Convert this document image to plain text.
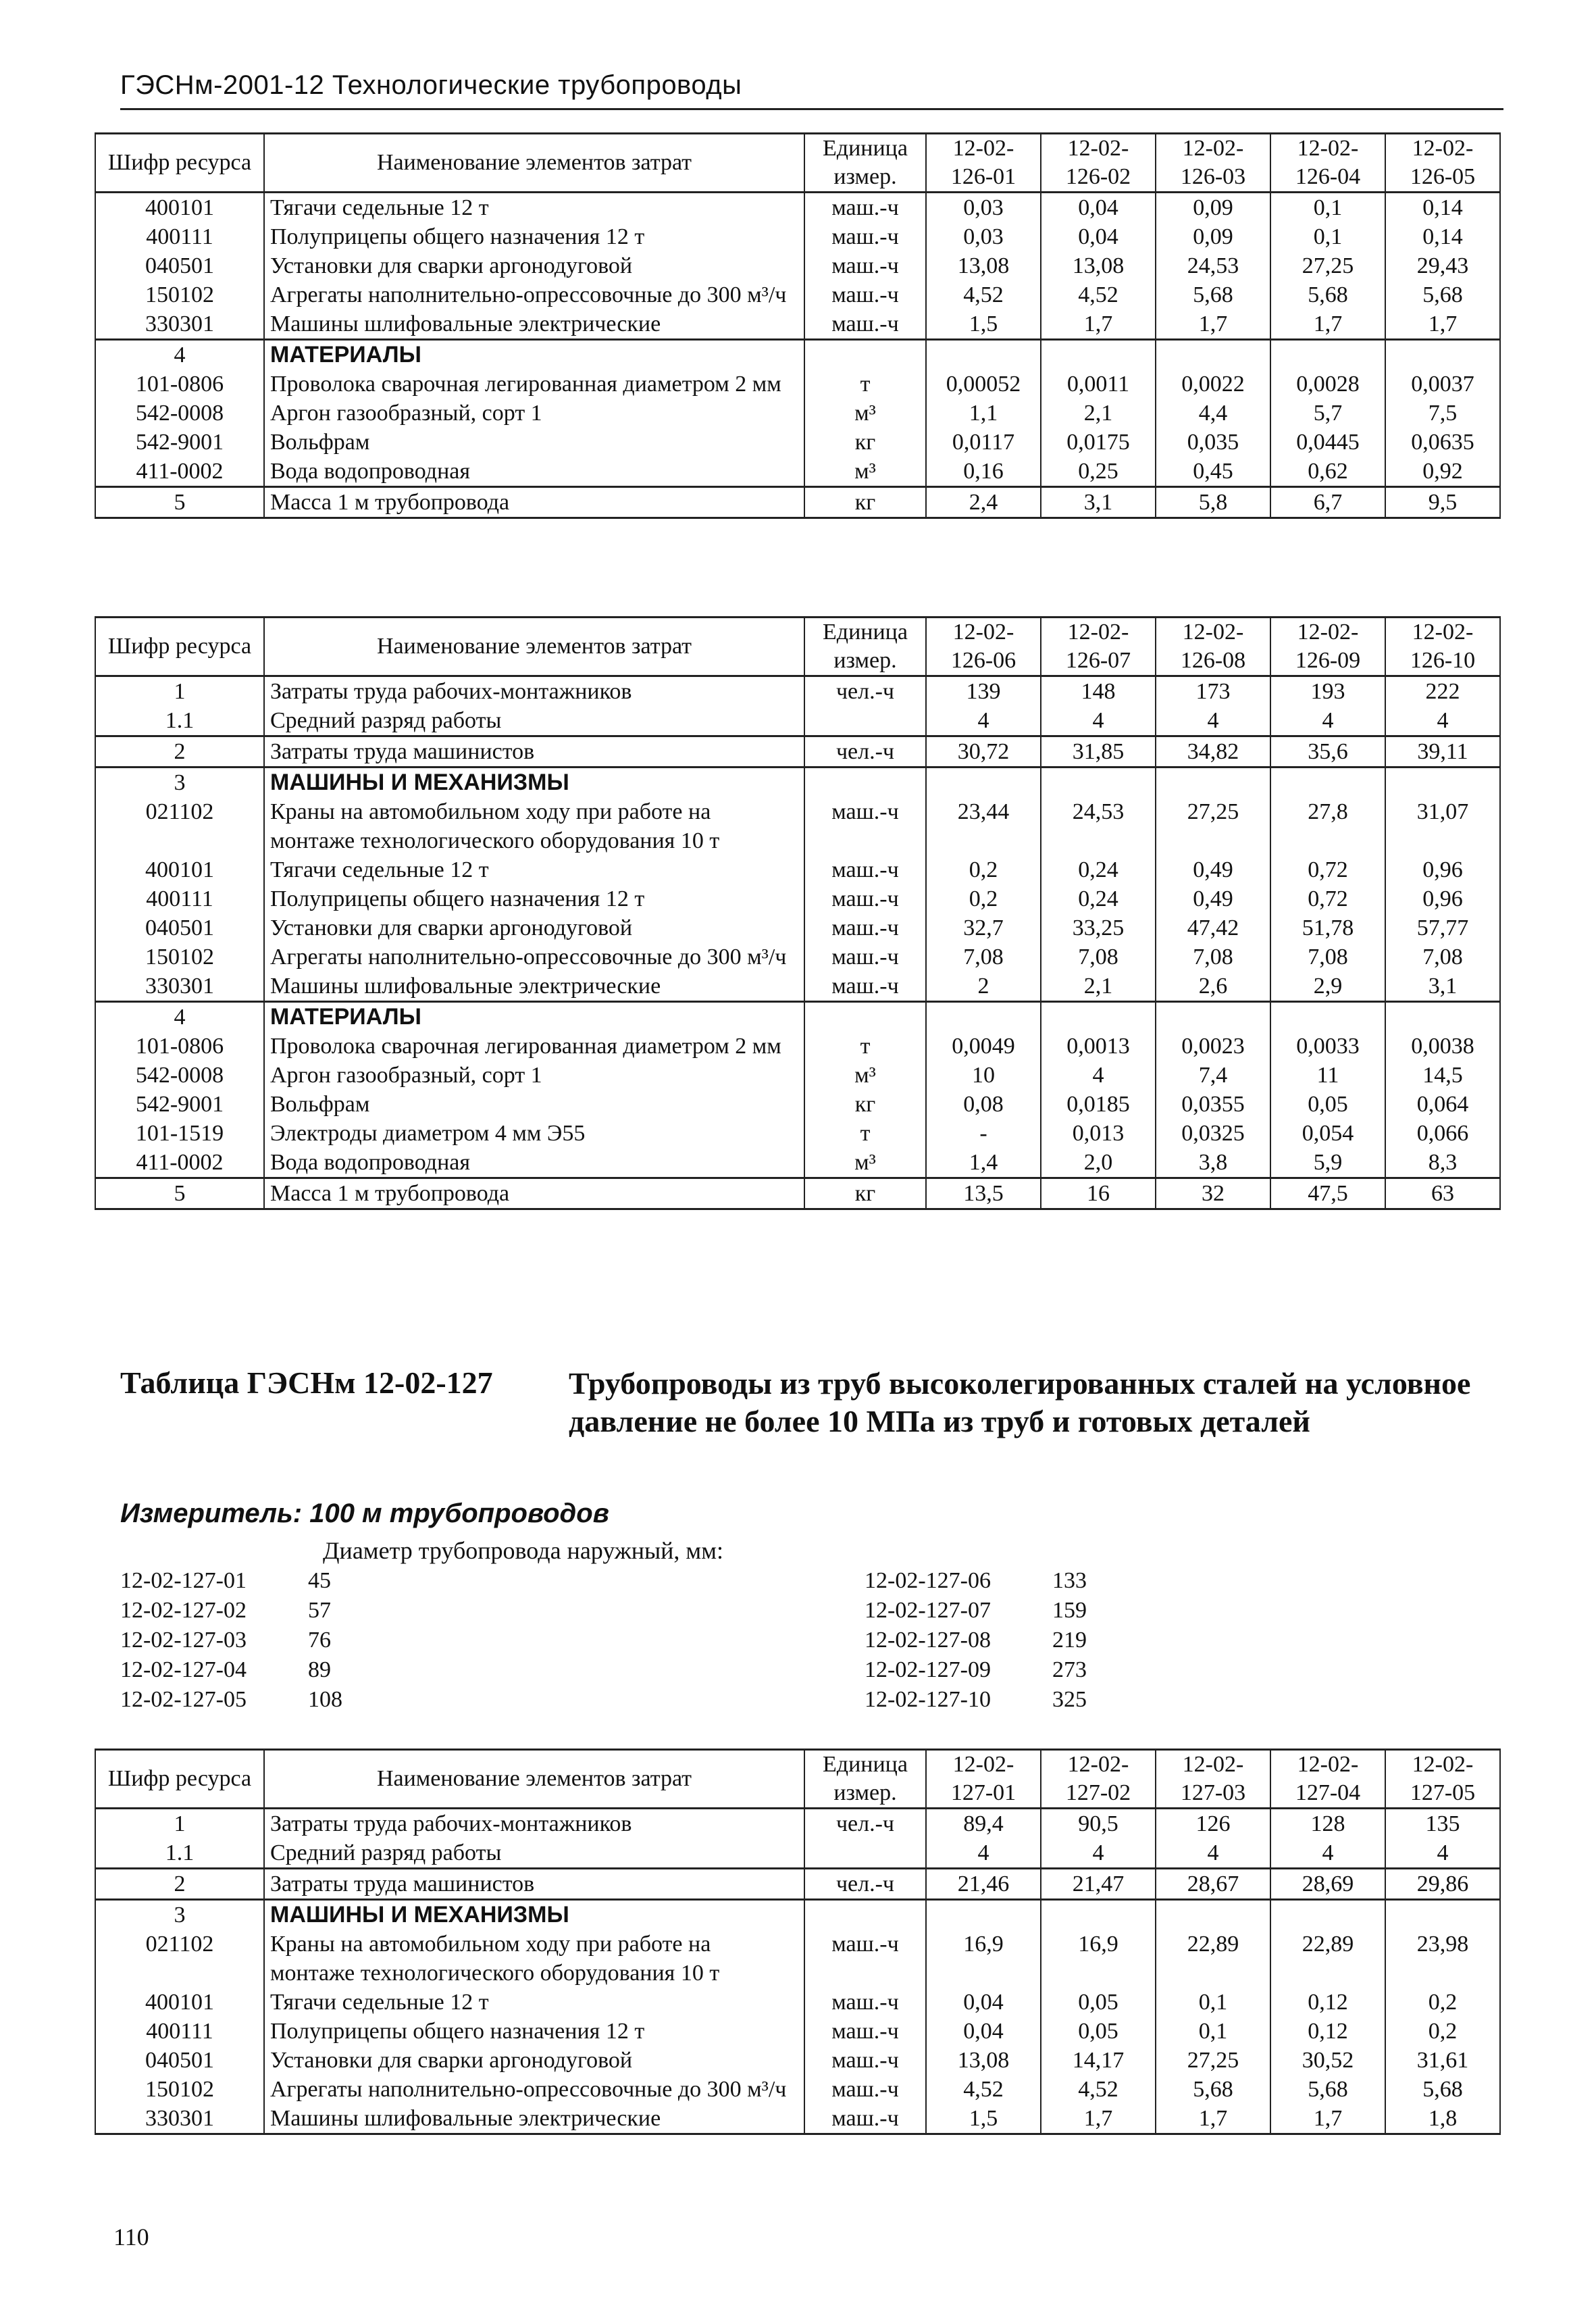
ГЭСНм-2001-12 Технологические трубопроводы
Шифр ресурса	Наименование элементов затрат	Единица измер.	12-02-126-01	12-02-126-02	12-02-126-03	12-02-126-04	12-02-126-05
400101	Тягачи седельные 12 т	маш.-ч	0,03	0,04	0,09	0,1	0,14
400111	Полуприцепы общего назначения 12 т	маш.-ч	0,03	0,04	0,09	0,1	0,14
040501	Установки для сварки аргонодуговой	маш.-ч	13,08	13,08	24,53	27,25	29,43
150102	Агрегаты наполнительно-опрессовочные до 300 м³/ч	маш.-ч	4,52	4,52	5,68	5,68	5,68
330301	Машины шлифовальные электрические	маш.-ч	1,5	1,7	1,7	1,7	1,7
4	МАТЕРИАЛЫ						
101-0806	Проволока сварочная легированная диаметром 2 мм	т	0,00052	0,0011	0,0022	0,0028	0,0037
542-0008	Аргон газообразный, сорт 1	м³	1,1	2,1	4,4	5,7	7,5
542-9001	Вольфрам	кг	0,0117	0,0175	0,035	0,0445	0,0635
411-0002	Вода водопроводная	м³	0,16	0,25	0,45	0,62	0,92
5	Масса 1 м трубопровода	кг	2,4	3,1	5,8	6,7	9,5
Шифр ресурса	Наименование элементов затрат	Единица измер.	12-02-126-06	12-02-126-07	12-02-126-08	12-02-126-09	12-02-126-10
1	Затраты труда рабочих-монтажников	чел.-ч	139	148	173	193	222
1.1	Средний разряд работы		4	4	4	4	4
2	Затраты труда машинистов	чел.-ч	30,72	31,85	34,82	35,6	39,11
3	МАШИНЫ И МЕХАНИЗМЫ						
021102	Краны на автомобильном ходу при работе на монтаже технологического оборудования 10 т	маш.-ч	23,44	24,53	27,25	27,8	31,07
400101	Тягачи седельные 12 т	маш.-ч	0,2	0,24	0,49	0,72	0,96
400111	Полуприцепы общего назначения 12 т	маш.-ч	0,2	0,24	0,49	0,72	0,96
040501	Установки для сварки аргонодуговой	маш.-ч	32,7	33,25	47,42	51,78	57,77
150102	Агрегаты наполнительно-опрессовочные до 300 м³/ч	маш.-ч	7,08	7,08	7,08	7,08	7,08
330301	Машины шлифовальные электрические	маш.-ч	2	2,1	2,6	2,9	3,1
4	МАТЕРИАЛЫ						
101-0806	Проволока сварочная легированная диаметром 2 мм	т	0,0049	0,0013	0,0023	0,0033	0,0038
542-0008	Аргон газообразный, сорт 1	м³	10	4	7,4	11	14,5
542-9001	Вольфрам	кг	0,08	0,0185	0,0355	0,05	0,064
101-1519	Электроды диаметром 4 мм Э55	т	-	0,013	0,0325	0,054	0,066
411-0002	Вода водопроводная	м³	1,4	2,0	3,8	5,9	8,3
5	Масса 1 м трубопровода	кг	13,5	16	32	47,5	63
Таблица ГЭСНм 12-02-127 Трубопроводы из труб высоколегированных сталей на условное давление не более 10 МПа из труб и готовых деталей
Измеритель: 100 м трубопроводов
Диаметр трубопровода наружный, мм:
12-02-127-01	45
12-02-127-02	57
12-02-127-03	76
12-02-127-04	89
12-02-127-05	108
12-02-127-06	133
12-02-127-07	159
12-02-127-08	219
12-02-127-09	273
12-02-127-10	325
Шифр ресурса	Наименование элементов затрат	Единица измер.	12-02-127-01	12-02-127-02	12-02-127-03	12-02-127-04	12-02-127-05
1	Затраты труда рабочих-монтажников	чел.-ч	89,4	90,5	126	128	135
1.1	Средний разряд работы		4	4	4	4	4
2	Затраты труда машинистов	чел.-ч	21,46	21,47	28,67	28,69	29,86
3	МАШИНЫ И МЕХАНИЗМЫ						
021102	Краны на автомобильном ходу при работе на монтаже технологического оборудования 10 т	маш.-ч	16,9	16,9	22,89	22,89	23,98
400101	Тягачи седельные 12 т	маш.-ч	0,04	0,05	0,1	0,12	0,2
400111	Полуприцепы общего назначения 12 т	маш.-ч	0,04	0,05	0,1	0,12	0,2
040501	Установки для сварки аргонодуговой	маш.-ч	13,08	14,17	27,25	30,52	31,61
150102	Агрегаты наполнительно-опрессовочные до 300 м³/ч	маш.-ч	4,52	4,52	5,68	5,68	5,68
330301	Машины шлифовальные электрические	маш.-ч	1,5	1,7	1,7	1,7	1,8
110
